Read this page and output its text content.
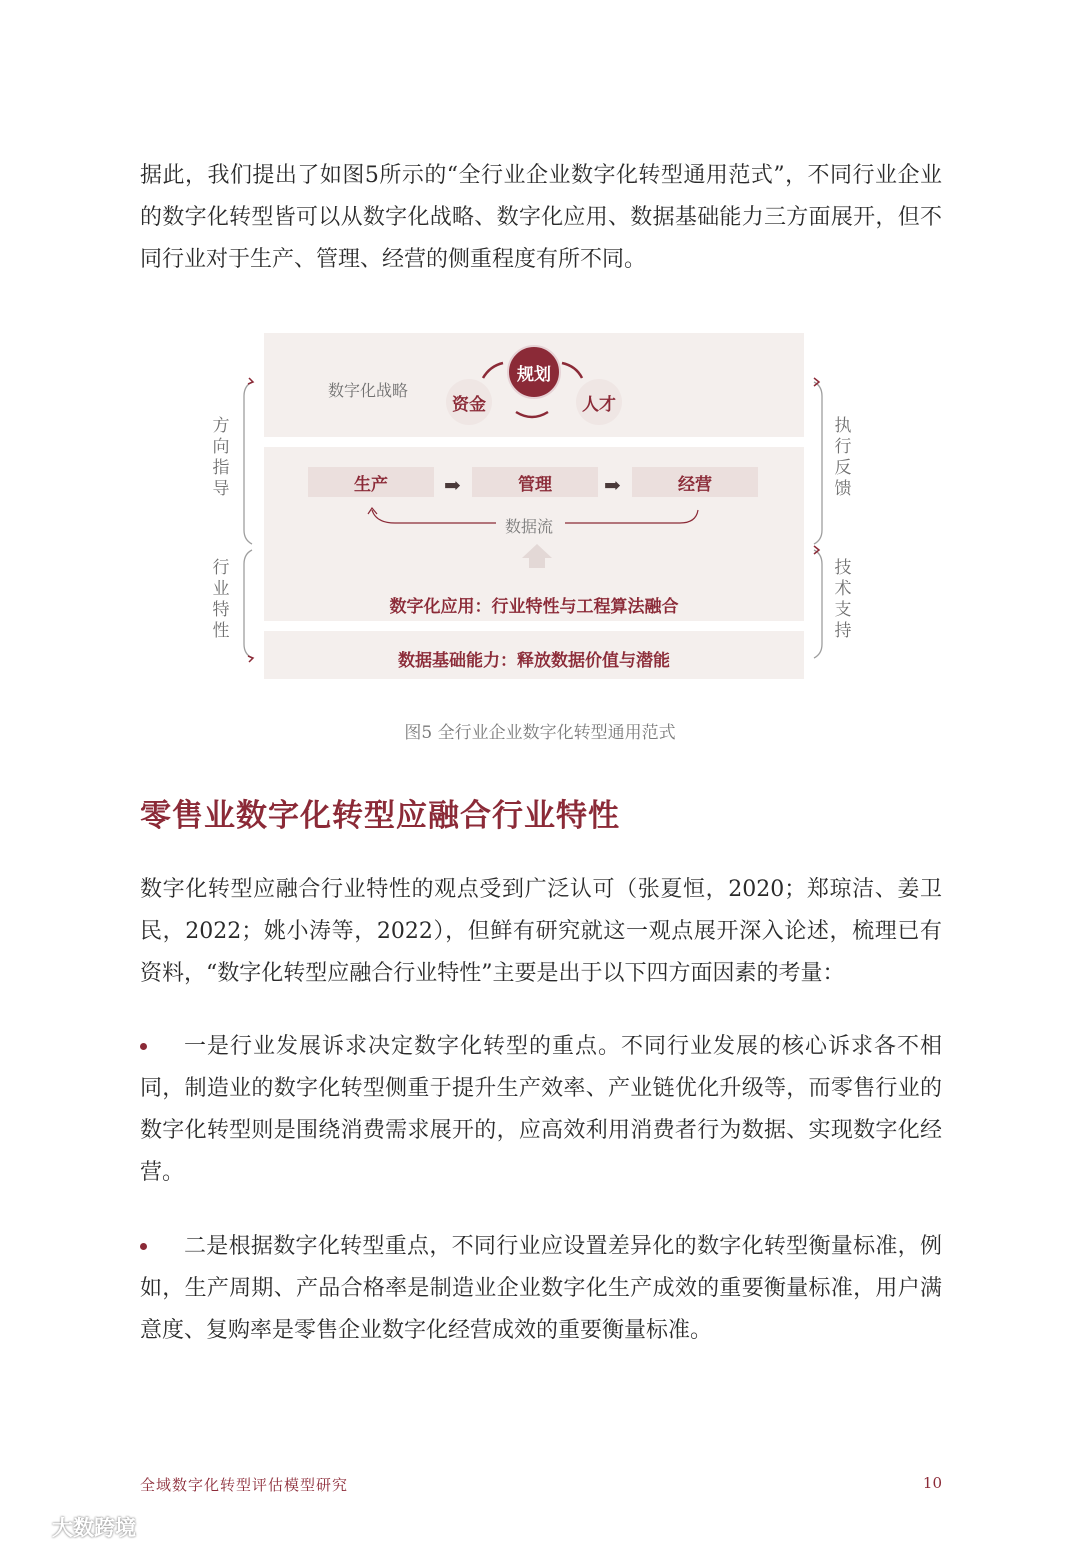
据此，我们提出了如图5所示的“全行业企业数字化转型通用范式”，不同行业企业的数字化转型皆可以从数字化战略、数字化应用、数据基础能力三方面展开，但不同行业对于生产、管理、经营的侧重程度有所不同。

数字化战略
规划
资金	人才
生产	➡	管理	➡	经营
数据流
数字化应用：行业特性与工程算法融合
数据基础能力：释放数据价值与潜能
方向指导
行业特性
执行反馈
技术支持
图5 全行业企业数字化转型通用范式
零售业数字化转型应融合行业特性

数字化转型应融合行业特性的观点受到广泛认可（张夏恒，2020；郑琼洁、姜卫民，2022；姚小涛等，2022），但鲜有研究就这一观点展开深入论述，梳理已有资料，“数字化转型应融合行业特性”主要是出于以下四方面因素的考量：

一是行业发展诉求决定数字化转型的重点。不同行业发展的核心诉求各不相同，制造业的数字化转型侧重于提升生产效率、产业链优化升级等，而零售行业的数字化转型则是围绕消费需求展开的，应高效利用消费者行为数据、实现数字化经营。

二是根据数字化转型重点，不同行业应设置差异化的数字化转型衡量标准，例如，生产周期、产品合格率是制造业企业数字化生产成效的重要衡量标准，用户满意度、复购率是零售企业数字化经营成效的重要衡量标准。

全域数字化转型评估模型研究	10
大数跨境
